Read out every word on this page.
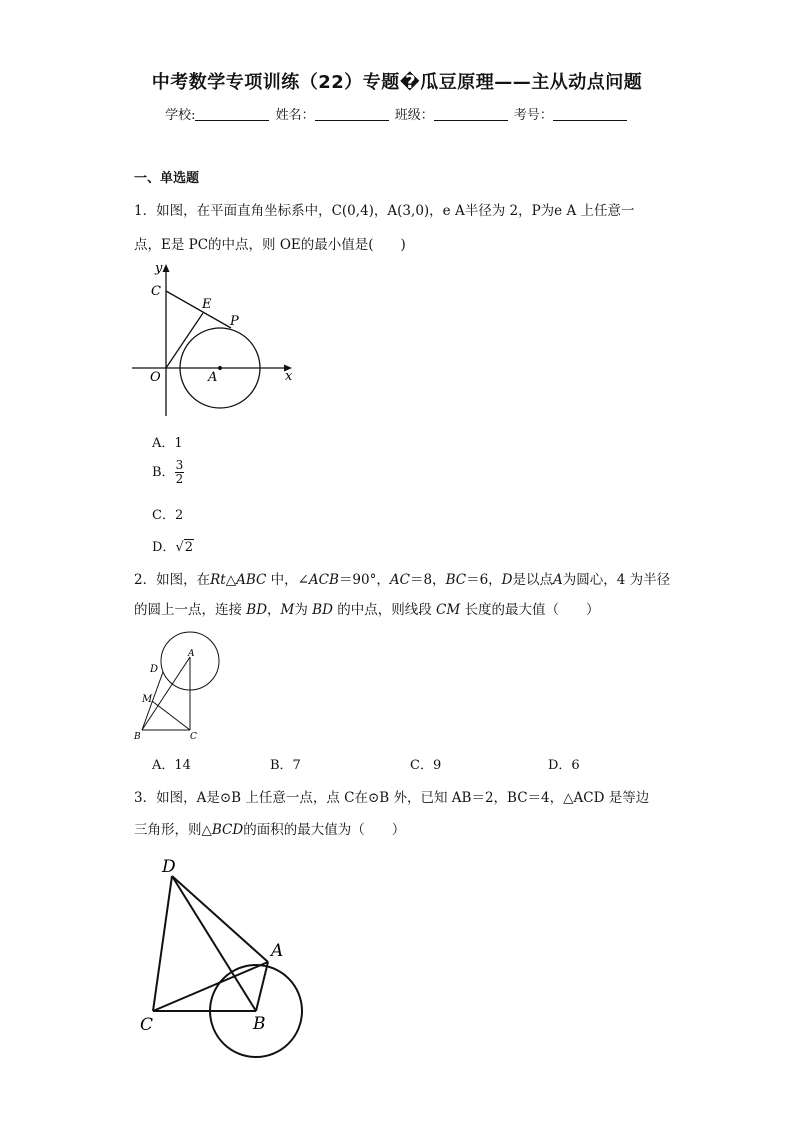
中考数学专项训练（22）专题�瓜豆原理——主从动点问题
学校:	姓名：	班级：	考号：
一、单选题
1．如图，在平面直角坐标系中，C(0,4)，A(3,0)，e A半径为 2，P为e A 上任意一
点，E是 PC的中点，则 OE的最小值是(　　)
y
C
E
P
O	A	x
A．1
B． $\frac{3}{2}$
C．2
D．√2
2．如图，在Rt△ABC 中，∠ACB＝90°，AC＝8，BC＝6，D是以点A为圆心，4 为半径
的圆上一点，连接 BD，M为 BD 的中点，则线段 CM 长度的最大值（　　）
A
D
M
B	C
A．14	B．7	C．9	D．6
3．如图，A是⊙B 上任意一点，点 C在⊙B 外，已知 AB＝2，BC＝4，△ACD 是等边
三角形，则△BCD的面积的最大值为（　　）
D
A
C	B
